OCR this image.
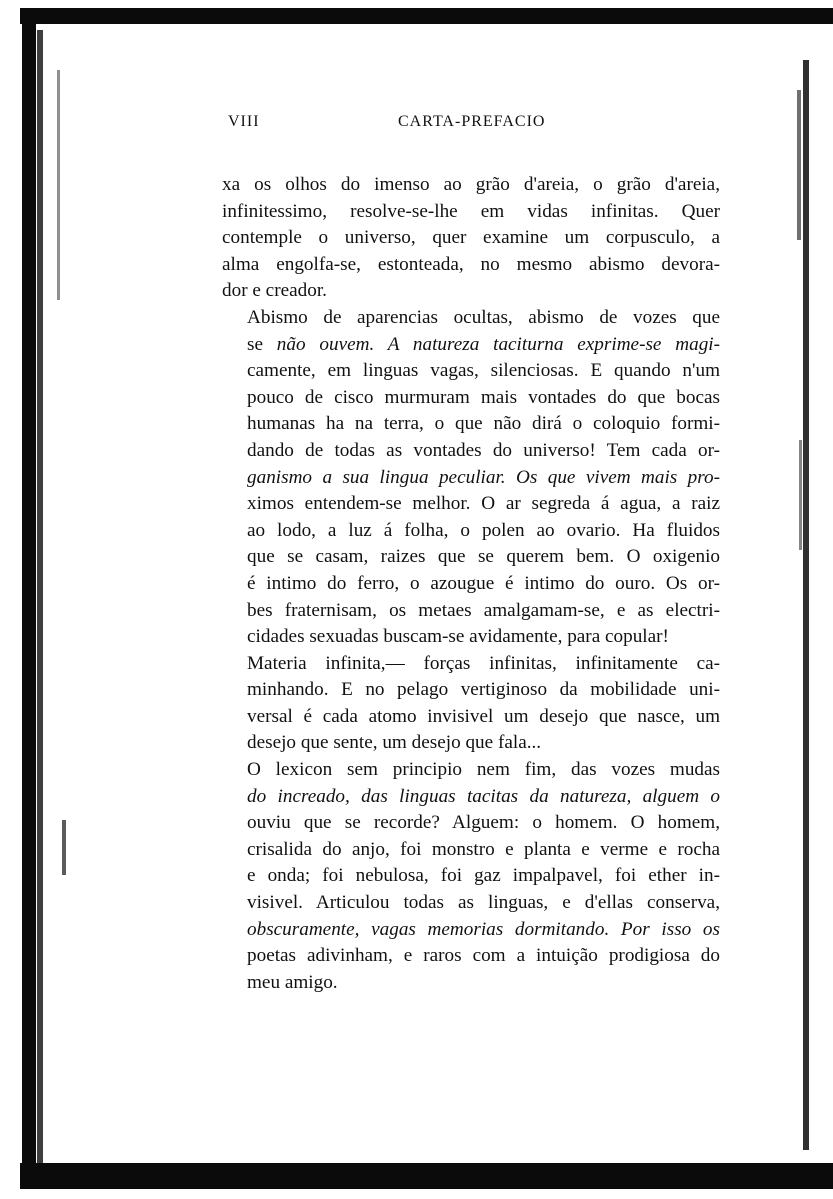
VIII	CARTA-PREFACIO

xa os olhos do imenso ao grão d'areia, o grão d'areia,
infinitessimo, resolve-se-lhe em vidas infinitas. Quer
contemple o universo, quer examine um corpusculo, a
alma engolfa-se, estonteada, no mesmo abismo devora-
dor e creador.

Abismo de aparencias ocultas, abismo de vozes que
se não ouvem. A natureza taciturna exprime-se magi-
camente, em linguas vagas, silenciosas. E quando n'um
pouco de cisco murmuram mais vontades do que bocas
humanas ha na terra, o que não dirá o coloquio formi-
dando de todas as vontades do universo! Tem cada or-
ganismo a sua lingua peculiar. Os que vivem mais pro-
ximos entendem-se melhor. O ar segreda á agua, a raiz
ao lodo, a luz á folha, o polen ao ovario. Ha fluidos
que se casam, raizes que se querem bem. O oxigenio
é intimo do ferro, o azougue é intimo do ouro. Os or-
bes fraternisam, os metaes amalgamam-se, e as electri-
cidades sexuadas buscam-se avidamente, para copular!

Materia infinita,— forças infinitas, infinitamente ca-
minhando. E no pelago vertiginoso da mobilidade uni-
versal é cada atomo invisivel um desejo que nasce, um
desejo que sente, um desejo que fala...

O lexicon sem principio nem fim, das vozes mudas
do increado, das linguas tacitas da natureza, alguem o
ouviu que se recorde? Alguem: o homem. O homem,
crisalida do anjo, foi monstro e planta e verme e rocha
e onda; foi nebulosa, foi gaz impalpavel, foi ether in-
visivel. Articulou todas as linguas, e d'ellas conserva,
obscuramente, vagas memorias dormitando. Por isso os
poetas adivinham, e raros com a intuição prodigiosa do
meu amigo.
